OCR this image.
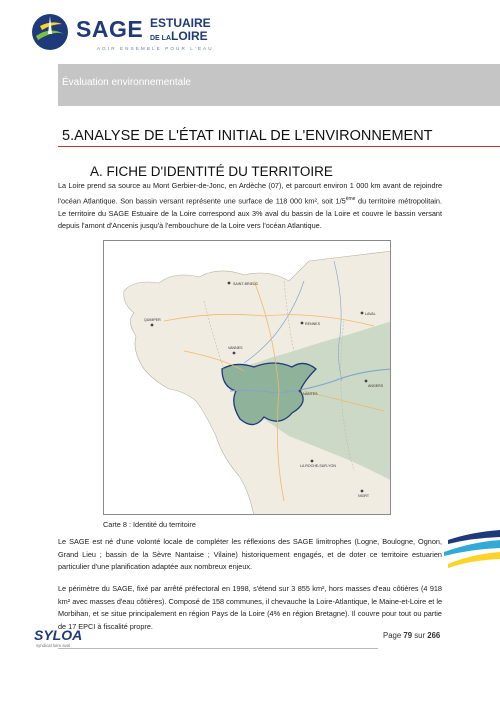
SAGE ESTUAIRE
DE LALOIRE
AGIR ENSEMBLE POUR L'EAU
Évaluation environnementale
5.ANALYSE DE L'ÉTAT INITIAL DE L'ENVIRONNEMENT
A. FICHE D'IDENTITÉ DU TERRITOIRE

La Loire prend sa source au Mont Gerbier-de-Jonc, en Ardèche (07), et parcourt environ 1 000 km avant de rejoindre l'océan Atlantique. Son bassin versant représente une surface de 118 000 km², soit 1/5ème du territoire métropolitain. Le territoire du SAGE Estuaire de la Loire correspond aux 3% aval du bassin de la Loire et couvre le bassin versant depuis l'amont d'Ancenis jusqu'à l'embouchure de la Loire vers l'océan Atlantique.

SAINT-BRIEUC
QUIMPER
RENNES
LAVAL
VANNES
ANGERS
NANTES
LA ROCHE-SUR-YON
NIORT
Carte 8 : Identité du territoire

Le SAGE est né d'une volonté locale de compléter les réflexions des SAGE limitrophes (Logne, Boulogne, Ognon, Grand Lieu ; bassin de la Sèvre Nantaise ; Vilaine) historiquement engagés, et de doter ce territoire estuarien particulier d'une planification adaptée aux nombreux enjeux.

Le périmètre du SAGE, fixé par arrêté préfectoral en 1998, s'étend sur 3 855 km², hors masses d'eau côtières (4 918 km² avec masses d'eau côtières). Composé de 158 communes, il chevauche la Loire-Atlantique, le Maine-et-Loire et le Morbihan, et se situe principalement en région Pays de la Loire (4% en région Bretagne). Il couvre pour tout ou partie de 17 EPCI à fiscalité propre.

SYLOA
syndicat loire aval
Page 79 sur 266
